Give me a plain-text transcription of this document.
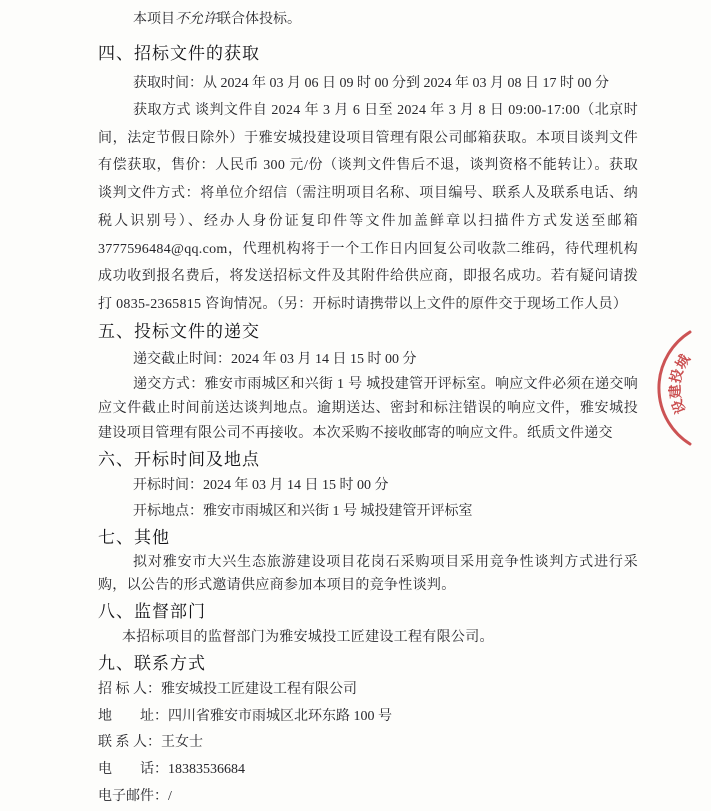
本项目不允许联合体投标。

四、招标文件的获取

获取时间：从 2024 年 03 月 06 日 09 时 00 分到 2024 年 03 月 08 日 17 时 00 分

获取方式 谈判文件自 2024 年 3 月 6 日至 2024 年 3 月 8 日 09:00-17:00（北京时间，法定节假日除外）于雅安城投建设项目管理有限公司邮箱获取。本项目谈判文件有偿获取，售价：人民币 300 元/份（谈判文件售后不退，谈判资格不能转让）。获取谈判文件方式：将单位介绍信（需注明项目名称、项目编号、联系人及联系电话、纳税人识别号）、经办人身份证复印件等文件加盖鲜章以扫描件方式发送至邮箱 3777596484@qq.com，代理机构将于一个工作日内回复公司收款二维码，待代理机构成功收到报名费后，将发送招标文件及其附件给供应商，即报名成功。若有疑问请拨打 0835-2365815 咨询情况。（另：开标时请携带以上文件的原件交于现场工作人员）

五、投标文件的递交

递交截止时间：2024 年 03 月 14 日 15 时 00 分

递交方式：雅安市雨城区和兴街 1 号 城投建管开评标室。响应文件必须在递交响应文件截止时间前送达谈判地点。逾期送达、密封和标注错误的响应文件，雅安城投建设项目管理有限公司不再接收。本次采购不接收邮寄的响应文件。纸质文件递交

六、开标时间及地点

开标时间：2024 年 03 月 14 日 15 时 00 分

开标地点：雅安市雨城区和兴街 1 号 城投建管开评标室

七、其他

拟对雅安市大兴生态旅游建设项目花岗石采购项目采用竞争性谈判方式进行采购，以公告的形式邀请供应商参加本项目的竞争性谈判。

八、监督部门

本招标项目的监督部门为雅安城投工匠建设工程有限公司。

九、联系方式

招 标 人：雅安城投工匠建设工程有限公司

地　　址：四川省雅安市雨城区北环东路 100 号

联 系 人：王女士

电　　话：18383536684

电子邮件：/

城
投
建
设
